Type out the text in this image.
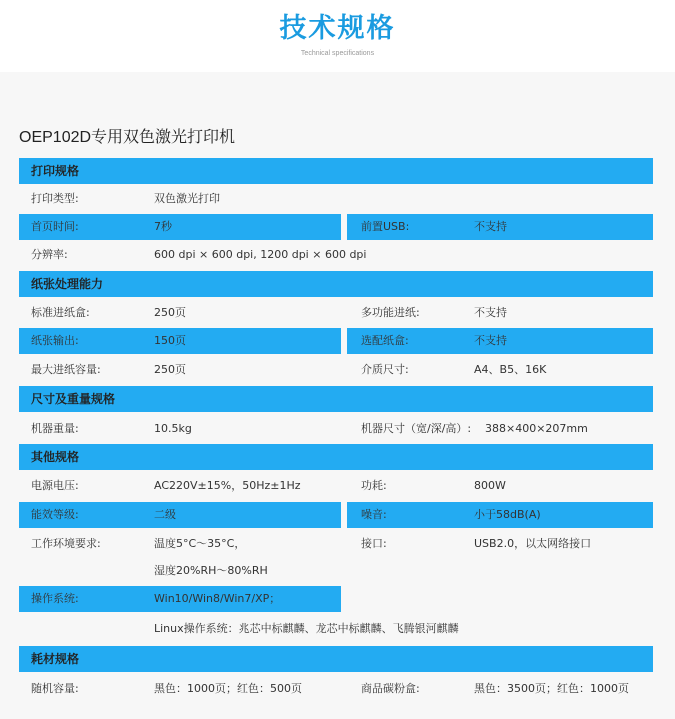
技术规格
Technical specifications
OEP102D专用双色激光打印机
打印规格
打印类型:	双色激光打印
首页时间:	7秒	前置USB:	不支持
分辨率:	600 dpi × 600 dpi, 1200 dpi × 600 dpi
纸张处理能力
标准进纸盒:	250页	多功能进纸:	不支持
纸张输出:	150页	选配纸盒:	不支持
最大进纸容量:	250页	介质尺寸:	A4、B5、16K
尺寸及重量规格
机器重量:	10.5kg	机器尺寸（宽/深/高）: 388×400×207mm
其他规格
电源电压:	AC220V±15%，50Hz±1Hz	功耗:	800W
能效等级:	二级	噪音:	小于58dB(A)
工作环境要求:	温度5°C～35°C，	接口:	USB2.0，以太网络接口
湿度20%RH～80%RH
操作系统:	Win10/Win8/Win7/XP；
Linux操作系统：兆芯中标麒麟、龙芯中标麒麟、飞腾银河麒麟
耗材规格
随机容量:	黑色：1000页；红色：500页	商品碳粉盒:	黑色：3500页；红色：1000页
